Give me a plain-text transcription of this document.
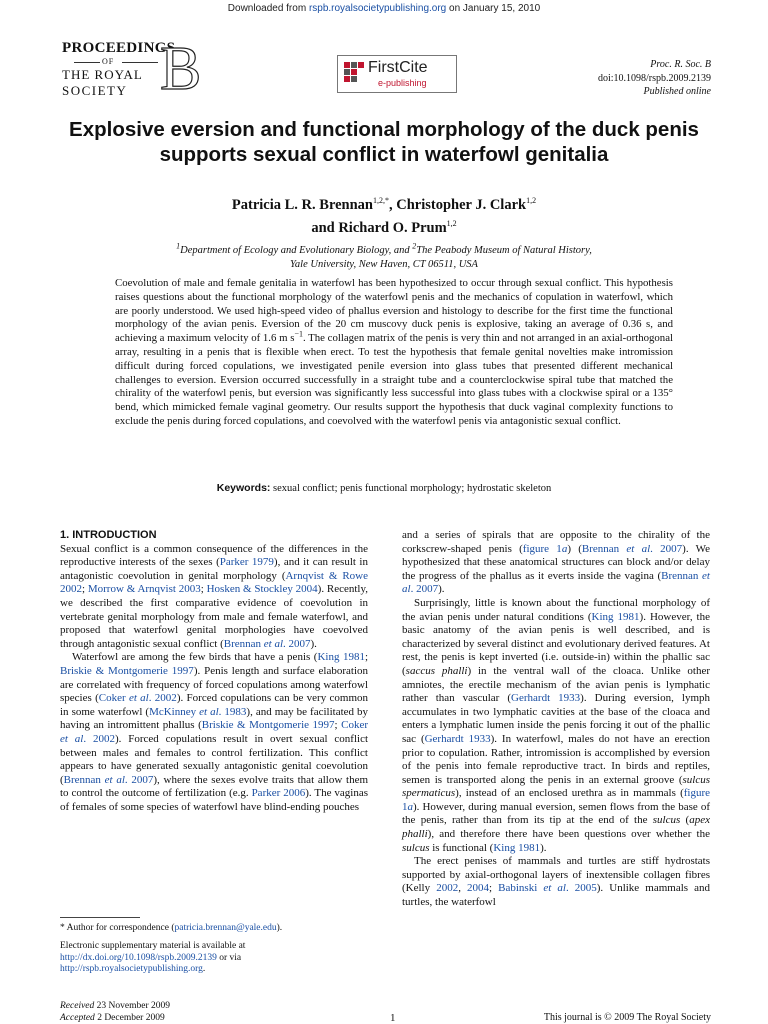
Downloaded from rspb.royalsocietypublishing.org on January 15, 2010
PROCEEDINGS
OF
THE ROYAL
SOCIETY B	FirstCite
e-publishing
Proc. R. Soc. B
doi:10.1098/rspb.2009.2139
Published online
Explosive eversion and functional morphology of the duck penis supports sexual conflict in waterfowl genitalia
Patricia L. R. Brennan$^{1,2,*}$, Christopher J. Clark$^{1,2}$
and Richard O. Prum$^{1,2}$
$^1$Department of Ecology and Evolutionary Biology, and $^2$The Peabody Museum of Natural History,
Yale University, New Haven, CT 06511, USA
Coevolution of male and female genitalia in waterfowl has been hypothesized to occur through sexual conflict. This hypothesis raises questions about the functional morphology of the waterfowl penis and the mechanics of copulation in waterfowl, which are poorly understood. We used high-speed video of phallus eversion and histology to describe for the first time the functional morphology of the avian penis. Eversion of the 20 cm muscovy duck penis is explosive, taking an average of 0.36 s, and achieving a maximum velocity of 1.6 m $s^{-1}$. The collagen matrix of the penis is very thin and not arranged in an axial-orthogonal array, resulting in a penis that is flexible when erect. To test the hypothesis that female genital novelties make intromission difficult during forced copulations, we investigated penile eversion into glass tubes that presented different mechanical challenges to eversion. Eversion occurred successfully in a straight tube and a counterclockwise spiral tube that matched the chirality of the waterfowl penis, but eversion was significantly less successful into glass tubes with a clockwise spiral or a 135° bend, which mimicked female vaginal geometry. Our results support the hypothesis that duck vaginal complexity functions to exclude the penis during forced copulations, and coevolved with the waterfowl penis via antagonistic sexual conflict.
Keywords: sexual conflict; penis functional morphology; hydrostatic skeleton
1. INTRODUCTION

Sexual conflict is a common consequence of the differences in the reproductive interests of the sexes (Parker 1979), and it can result in antagonistic coevolution in genital morphology (Arnqvist & Rowe 2002; Morrow & Arnqvist 2003; Hosken & Stockley 2004). Recently, we described the first comparative evidence of coevolution in vertebrate genital morphology from male and female waterfowl, and proposed that waterfowl genital morphologies have coevolved through antagonistic sexual conflict (Brennan et al. 2007).

Waterfowl are among the few birds that have a penis (King 1981; Briskie & Montgomerie 1997). Penis length and surface elaboration are correlated with frequency of forced copulations among waterfowl species (Coker et al. 2002). Forced copulations can be very common in some waterfowl (McKinney et al. 1983), and may be facilitated by having an intromittent phallus (Briskie & Montgomerie 1997; Coker et al. 2002). Forced copulations result in overt sexual conflict between males and females to control fertilization. This conflict appears to have generated sexually antagonistic genital coevolution (Brennan et al. 2007), where the sexes evolve traits that allow them to control the outcome of fertilization (e.g. Parker 2006). The vaginas of females of some species of waterfowl have blind-ending pouches

* Author for correspondence (patricia.brennan@yale.edu).
Electronic supplementary material is available at http://dx.doi.org/10.1098/rspb.2009.2139 or via http://rspb.royalsocietypublishing.org.

and a series of spirals that are opposite to the chirality of the corkscrew-shaped penis (figure 1a) (Brennan et al. 2007). We hypothesized that these anatomical structures can block and/or delay the progress of the phallus as it everts inside the vagina (Brennan et al. 2007).

Surprisingly, little is known about the functional morphology of the avian penis under natural conditions (King 1981). However, the basic anatomy of the avian penis is well described, and is characterized by several distinct and evolutionary derived features. At rest, the penis is kept inverted (i.e. outside-in) within the phallic sac (saccus phalli) in the ventral wall of the cloaca. Unlike other amniotes, the erectile mechanism of the avian penis is lymphatic rather than vascular (Gerhardt 1933). During eversion, lymph accumulates in two lymphatic cavities at the base of the cloaca and enters a lymphatic lumen inside the penis forcing it out of the phallic sac (Gerhardt 1933). In waterfowl, males do not have an erection prior to copulation. Rather, intromission is accomplished by eversion of the penis into female reproductive tract. In birds and reptiles, semen is transported along the penis in an external groove (sulcus spermaticus), instead of an enclosed urethra as in mammals (figure 1a). However, during manual eversion, semen flows from the base of the penis, rather than from its tip at the end of the sulcus (apex phalli), and therefore there have been questions over whether the sulcus is functional (King 1981).

The erect penises of mammals and turtles are stiff hydrostats supported by axial-orthogonal layers of inextensible collagen fibres (Kelly 2002, 2004; Babinski et al. 2005). Unlike mammals and turtles, the waterfowl

Received 23 November 2009
Accepted 2 December 2009	1	This journal is © 2009 The Royal Society
